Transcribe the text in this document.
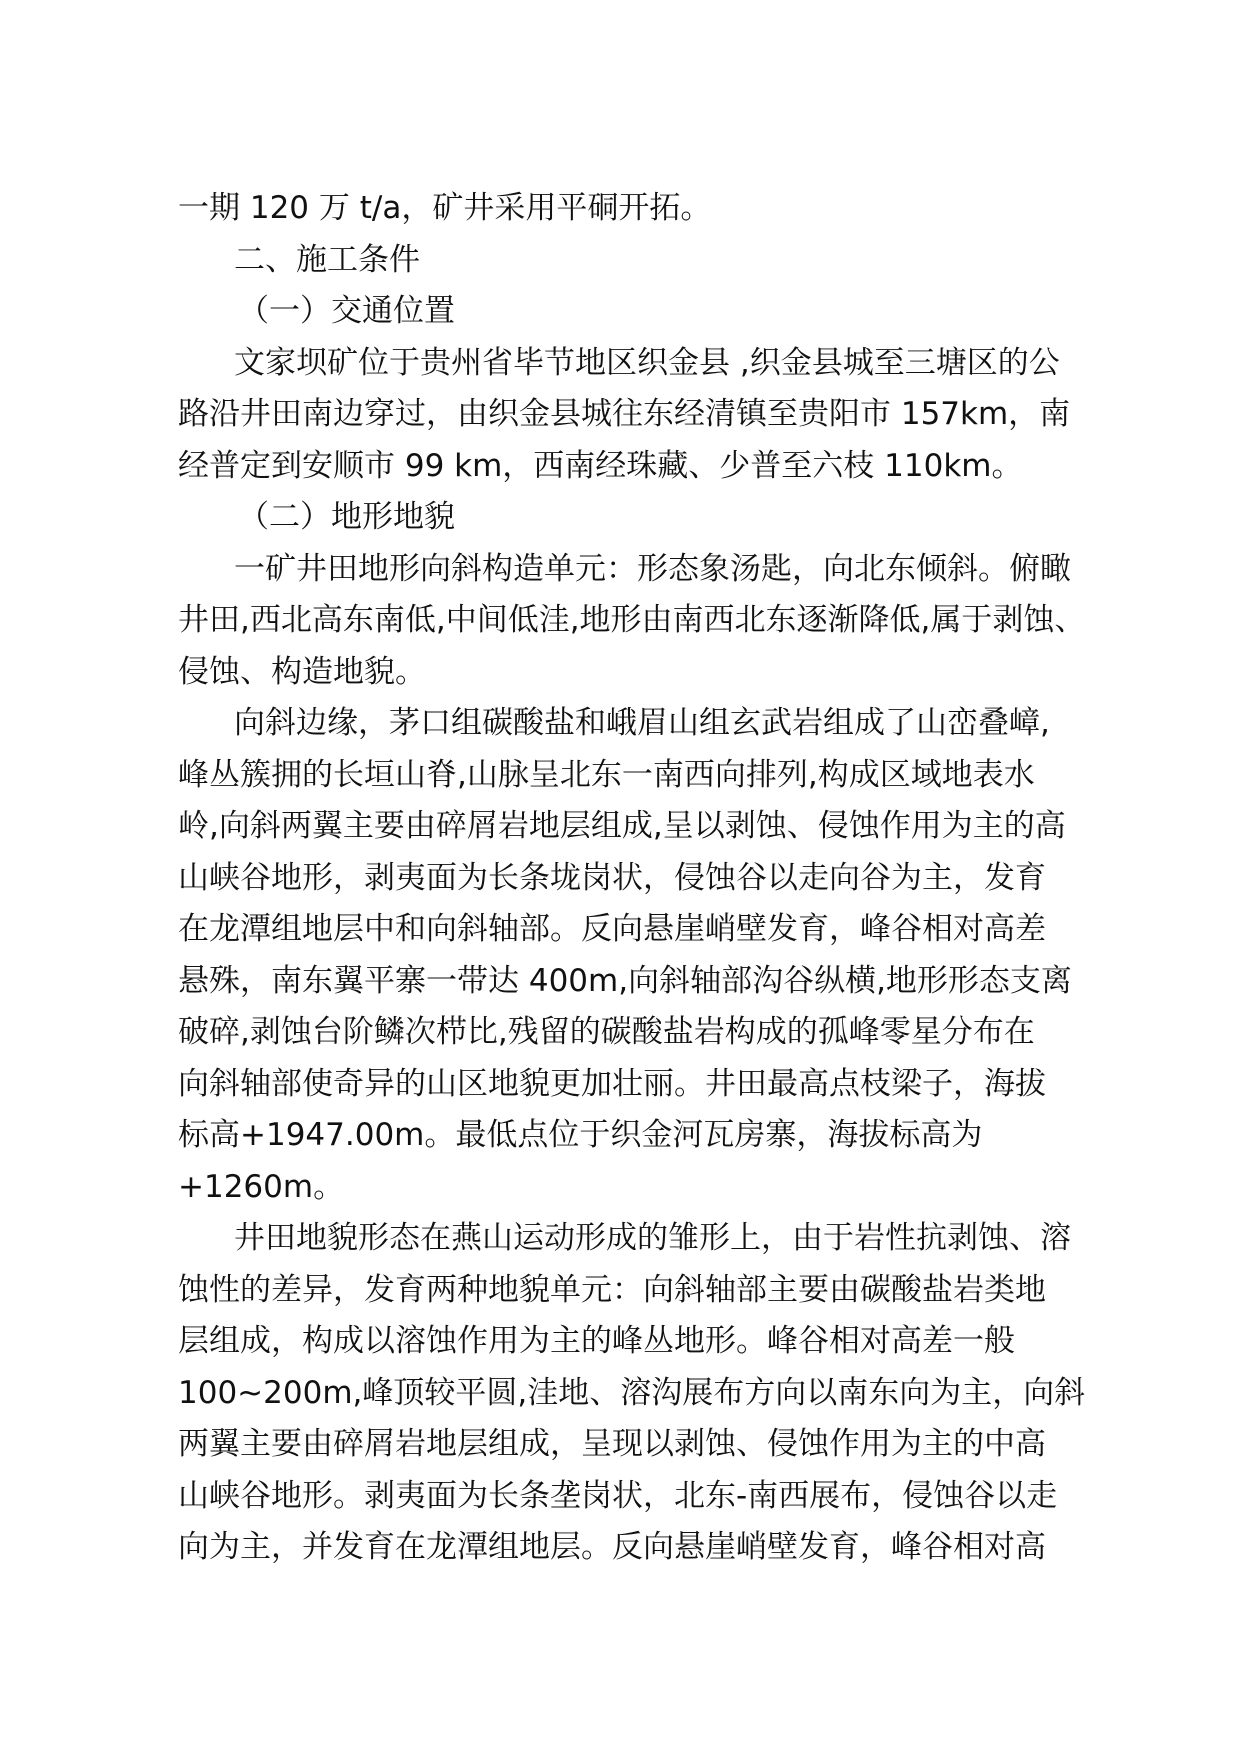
一期 120 万 t/a，矿井采用平硐开拓。
二、施工条件
（一）交通位置
文家坝矿位于贵州省毕节地区织金县 ,织金县城至三塘区的公
路沿井田南边穿过，由织金县城往东经清镇至贵阳市 157km，南
经普定到安顺市 99 km，西南经珠藏、少普至六枝 110km。
（二）地形地貌
一矿井田地形向斜构造单元：形态象汤匙，向北东倾斜。俯瞰
井田,西北高东南低,中间低洼,地形由南西北东逐渐降低,属于剥蚀、
侵蚀、构造地貌。
向斜边缘，茅口组碳酸盐和峨眉山组玄武岩组成了山峦叠嶂,
峰丛簇拥的长垣山脊,山脉呈北东一南西向排列,构成区域地表水
岭,向斜两翼主要由碎屑岩地层组成,呈以剥蚀、侵蚀作用为主的高
山峡谷地形，剥夷面为长条垅岗状，侵蚀谷以走向谷为主，发育
在龙潭组地层中和向斜轴部。反向悬崖峭壁发育，峰谷相对高差
悬殊，南东翼平寨一带达 400m,向斜轴部沟谷纵横,地形形态支离
破碎,剥蚀台阶鳞次栉比,残留的碳酸盐岩构成的孤峰零星分布在
向斜轴部使奇异的山区地貌更加壮丽。井田最高点枝梁子，海拔
标高+1947.00m。最低点位于织金河瓦房寨，海拔标高为
+1260m。
井田地貌形态在燕山运动形成的雏形上，由于岩性抗剥蚀、溶
蚀性的差异，发育两种地貌单元：向斜轴部主要由碳酸盐岩类地
层组成，构成以溶蚀作用为主的峰丛地形。峰谷相对高差一般
100~200m,峰顶较平圆,洼地、溶沟展布方向以南东向为主，向斜
两翼主要由碎屑岩地层组成，呈现以剥蚀、侵蚀作用为主的中高
山峡谷地形。剥夷面为长条垄岗状，北东-南西展布，侵蚀谷以走
向为主，并发育在龙潭组地层。反向悬崖峭壁发育，峰谷相对高
